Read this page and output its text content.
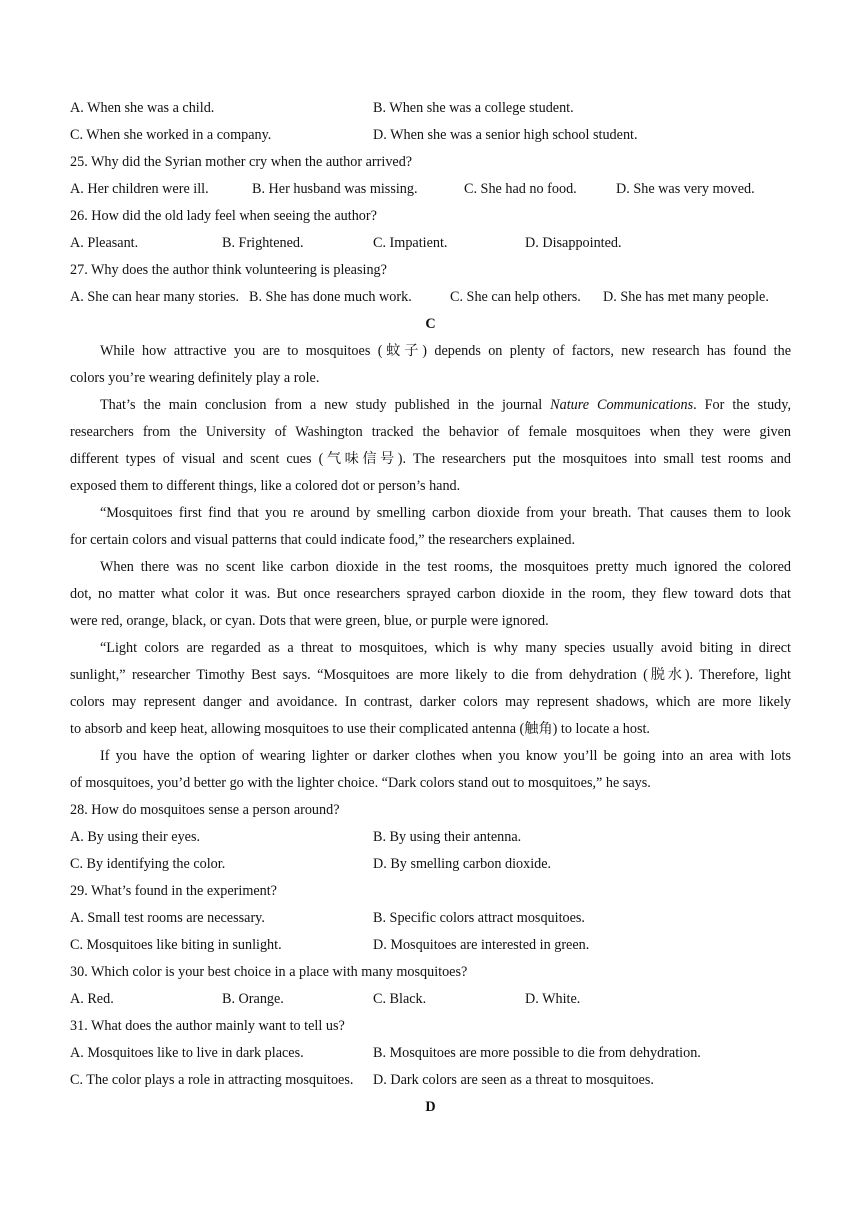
A. When she was a child.	B. When she was a college student.
C. When she worked in a company.	D. When she was a senior high school student.
25. Why did the Syrian mother cry when the author arrived?
A. Her children were ill.	B. Her husband was missing.	C. She had no food.	D. She was very moved.
26. How did the old lady feel when seeing the author?
A. Pleasant.	B. Frightened.	C. Impatient.	D. Disappointed.
27. Why does the author think volunteering is pleasing?
A. She can hear many stories. B. She has done much work.	C. She can help others. D. She has met many people.
C
While how attractive you are to mosquitoes (蚊子) depends on plenty of factors, new research has found the
colors you’re wearing definitely play a role.
That’s the main conclusion from a new study published in the journal Nature Communications. For the study,
researchers from the University of Washington tracked the behavior of female mosquitoes when they were given
different types of visual and scent cues (气味信号). The researchers put the mosquitoes into small test rooms and
exposed them to different things, like a colored dot or person’s hand.
“Mosquitoes first find that you re around by smelling carbon dioxide from your breath. That causes them to look
for certain colors and visual patterns that could indicate food,” the researchers explained.
When there was no scent like carbon dioxide in the test rooms, the mosquitoes pretty much ignored the colored
dot, no matter what color it was. But once researchers sprayed carbon dioxide in the room, they flew toward dots that
were red, orange, black, or cyan. Dots that were green, blue, or purple were ignored.
“Light colors are regarded as a threat to mosquitoes, which is why many species usually avoid biting in direct
sunlight,” researcher Timothy Best says. “Mosquitoes are more likely to die from dehydration (脱水). Therefore, light
colors may represent danger and avoidance. In contrast, darker colors may represent shadows, which are more likely
to absorb and keep heat, allowing mosquitoes to use their complicated antenna (触角) to locate a host.
If you have the option of wearing lighter or darker clothes when you know you’ll be going into an area with lots
of mosquitoes, you’d better go with the lighter choice. “Dark colors stand out to mosquitoes,” he says.
28. How do mosquitoes sense a person around?
A. By using their eyes.	B. By using their antenna.
C. By identifying the color.	D. By smelling carbon dioxide.
29. What’s found in the experiment?
A. Small test rooms are necessary.	B. Specific colors attract mosquitoes.
C. Mosquitoes like biting in sunlight.	D. Mosquitoes are interested in green.
30. Which color is your best choice in a place with many mosquitoes?
A. Red.	B. Orange.	C. Black.	D. White.
31. What does the author mainly want to tell us?
A. Mosquitoes like to live in dark places.	B. Mosquitoes are more possible to die from dehydration.
C. The color plays a role in attracting mosquitoes. D. Dark colors are seen as a threat to mosquitoes.
D
